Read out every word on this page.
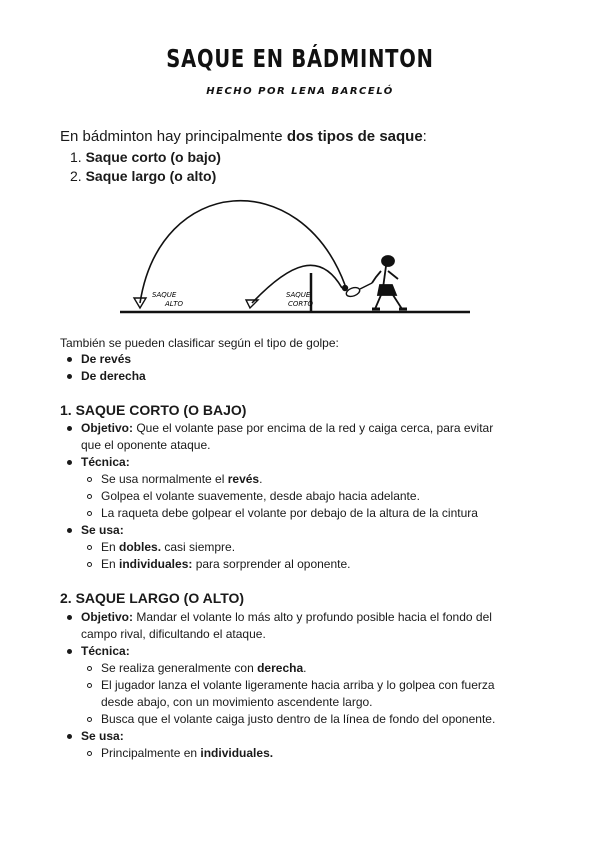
SAQUE EN BÁDMINTON
HECHO POR LENA BARCELÓ
En bádminton hay principalmente dos tipos de saque:
1. Saque corto (o bajo)
2. Saque largo (o alto)
SAQUE
ALTO
SAQUE
CORTO
También se pueden clasificar según el tipo de golpe:
De revés
De derecha
1. SAQUE CORTO (O BAJO)
Objetivo: Que el volante pase por encima de la red y caiga cerca, para evitar
que el oponente ataque.
Técnica:
Se usa normalmente el revés.
Golpea el volante suavemente, desde abajo hacia adelante.
La raqueta debe golpear el volante por debajo de la altura de la cintura
Se usa:
En dobles. casi siempre.
En individuales: para sorprender al oponente.
2. SAQUE LARGO (O ALTO)
Objetivo: Mandar el volante lo más alto y profundo posible hacia el fondo del
campo rival, dificultando el ataque.
Técnica:
Se realiza generalmente con derecha.
El jugador lanza el volante ligeramente hacia arriba y lo golpea con fuerza
desde abajo, con un movimiento ascendente largo.
Busca que el volante caiga justo dentro de la línea de fondo del oponente.
Se usa:
Principalmente en individuales.
